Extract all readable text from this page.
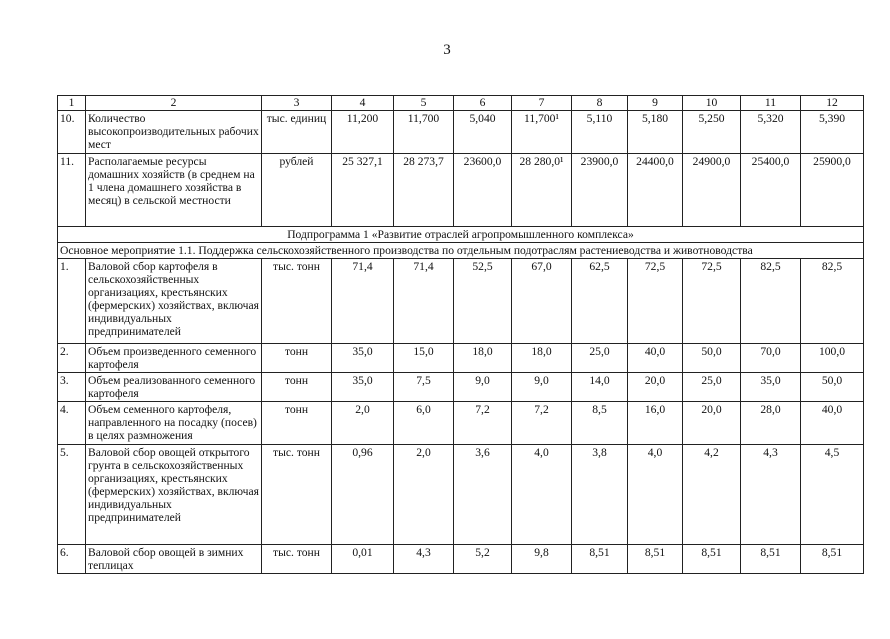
3
1	2	3	4	5	6	7	8	9	10	11	12
10.	Количество высокопроизводительных рабочих мест	тыс. единиц	11,200	11,700	5,040	11,700¹	5,110	5,180	5,250	5,320	5,390
11.	Располагаемые ресурсы домашних хозяйств (в среднем на 1 члена домашнего хозяйства в месяц) в сельской местности	рублей	25 327,1	28 273,7	23600,0	28 280,0¹	23900,0	24400,0	24900,0	25400,0	25900,0
Подпрограмма 1 «Развитие отраслей агропромышленного комплекса»											
Основное мероприятие 1.1. Поддержка сельскохозяйственного производства по отдельным подотраслям растениеводства и животноводства											
1.	Валовой сбор картофеля в сельскохозяйственных организациях, крестьянских (фермерских) хозяйствах, включая индивидуальных предпринимателей	тыс. тонн	71,4	71,4	52,5	67,0	62,5	72,5	72,5	82,5	82,5
2.	Объем произведенного семенного картофеля	тонн	35,0	15,0	18,0	18,0	25,0	40,0	50,0	70,0	100,0
3.	Объем реализованного семенного картофеля	тонн	35,0	7,5	9,0	9,0	14,0	20,0	25,0	35,0	50,0
4.	Объем семенного картофеля, направленного на посадку (посев) в целях размножения	тонн	2,0	6,0	7,2	7,2	8,5	16,0	20,0	28,0	40,0
5.	Валовой сбор овощей открытого грунта в сельскохозяйственных организациях, крестьянских (фермерских) хозяйствах, включая индивидуальных предпринимателей	тыс. тонн	0,96	2,0	3,6	4,0	3,8	4,0	4,2	4,3	4,5
6.	Валовой сбор овощей в зимних теплицах	тыс. тонн	0,01	4,3	5,2	9,8	8,51	8,51	8,51	8,51	8,51
